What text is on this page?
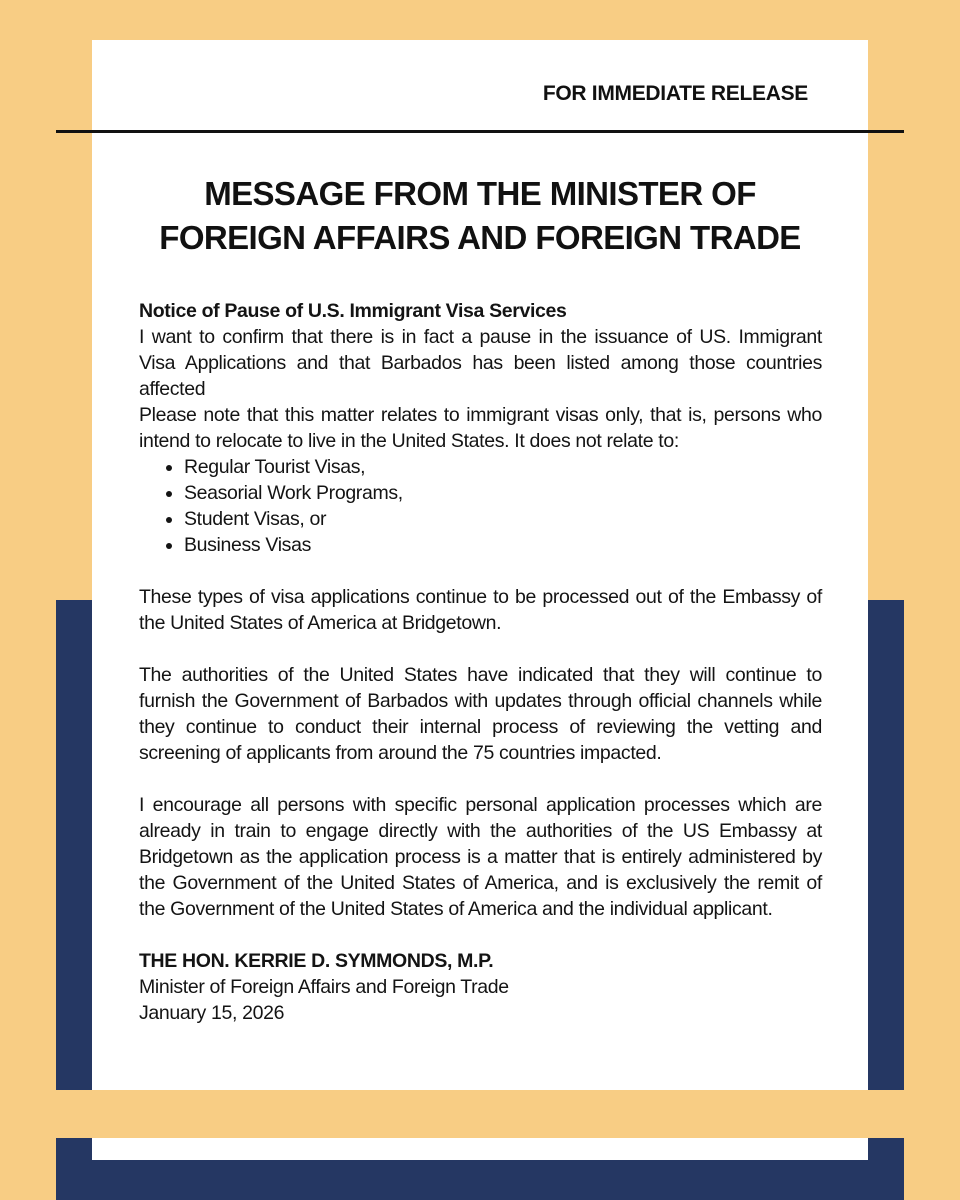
FOR IMMEDIATE RELEASE
MESSAGE FROM THE MINISTER OF
FOREIGN AFFAIRS AND FOREIGN TRADE

Notice of Pause of U.S. Immigrant Visa Services

I want to confirm that there is in fact a pause in the issuance of US. Immigrant Visa Applications and that Barbados has been listed among those countries affected

Please note that this matter relates to immigrant visas only, that is, persons who intend to relocate to live in the United States. It does not relate to:

• Regular Tourist Visas,
• Seasorial Work Programs,
• Student Visas, or
• Business Visas

These types of visa applications continue to be processed out of the Embassy of the United States of America at Bridgetown.

The authorities of the United States have indicated that they will continue to furnish the Government of Barbados with updates through official channels while they continue to conduct their internal process of reviewing the vetting and screening of applicants from around the 75 countries impacted.

I encourage all persons with specific personal application processes which are already in train to engage directly with the authorities of the US Embassy at Bridgetown as the application process is a matter that is entirely administered by the Government of the United States of America, and is exclusively the remit of the Government of the United States of America and the individual applicant.

THE HON. KERRIE D. SYMMONDS, M.P.
Minister of Foreign Affairs and Foreign Trade
January 15, 2026
